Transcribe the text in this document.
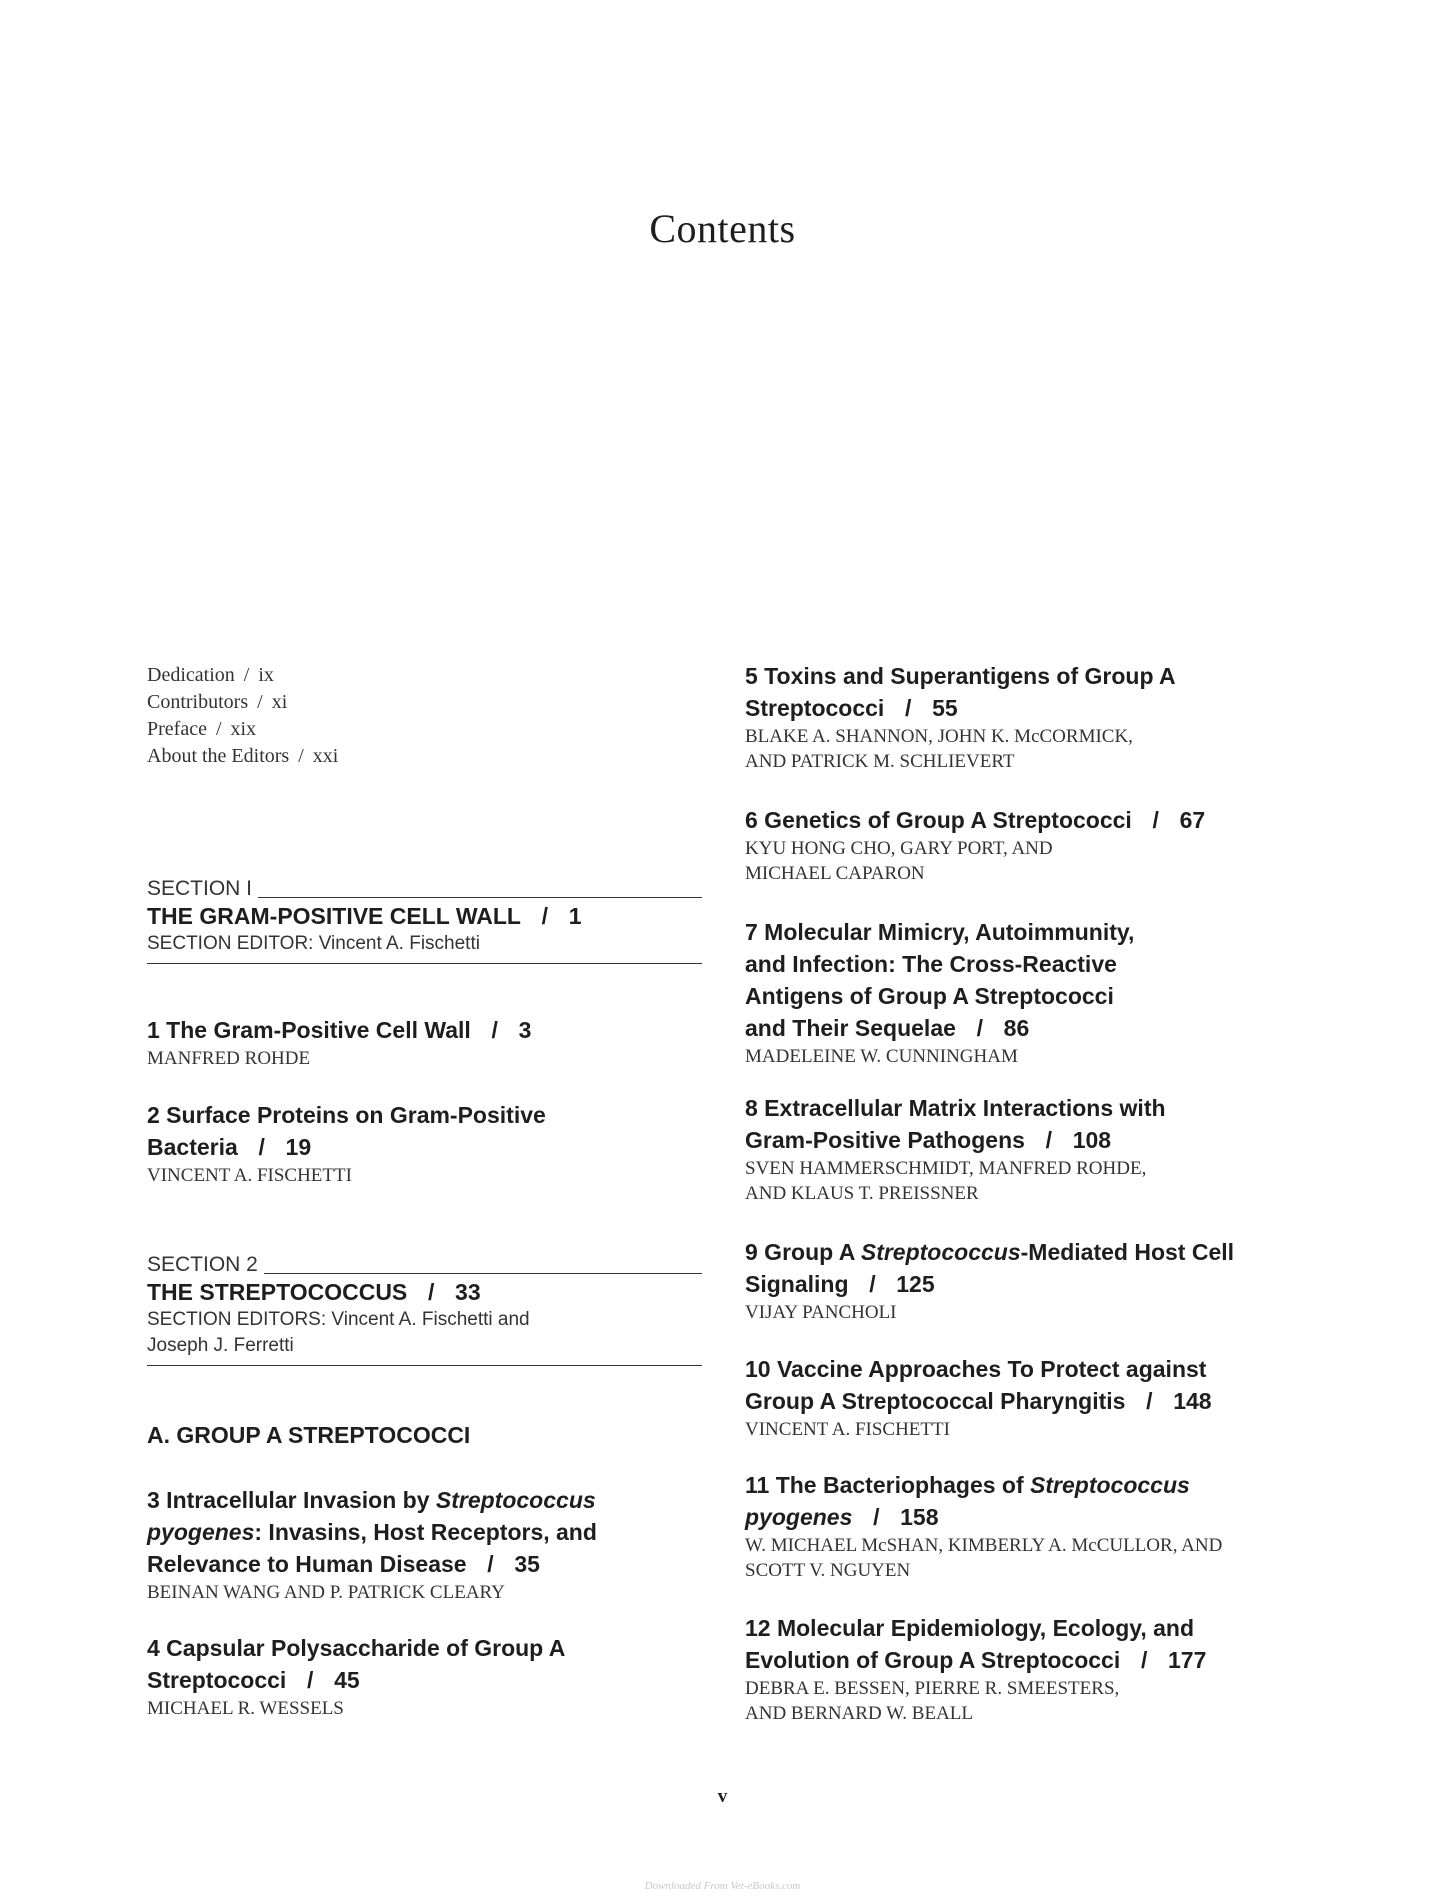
Contents
Dedication / ix
Contributors / xi
Preface / xix
About the Editors / xxi
SECTION I
THE GRAM-POSITIVE CELL WALL / 1
SECTION EDITOR: Vincent A. Fischetti
1 The Gram-Positive Cell Wall / 3
MANFRED ROHDE
2 Surface Proteins on Gram-Positive
Bacteria / 19
VINCENT A. FISCHETTI
SECTION 2
THE STREPTOCOCCUS / 33
SECTION EDITORS: Vincent A. Fischetti and
Joseph J. Ferretti
A. GROUP A STREPTOCOCCI
3 Intracellular Invasion by Streptococcus
pyogenes: Invasins, Host Receptors, and
Relevance to Human Disease / 35
BEINAN WANG AND P. PATRICK CLEARY
4 Capsular Polysaccharide of Group A
Streptococci / 45
MICHAEL R. WESSELS
5 Toxins and Superantigens of Group A
Streptococci / 55
BLAKE A. SHANNON, JOHN K. McCORMICK,
AND PATRICK M. SCHLIEVERT
6 Genetics of Group A Streptococci / 67
KYU HONG CHO, GARY PORT, AND
MICHAEL CAPARON
7 Molecular Mimicry, Autoimmunity,
and Infection: The Cross-Reactive
Antigens of Group A Streptococci
and Their Sequelae / 86
MADELEINE W. CUNNINGHAM
8 Extracellular Matrix Interactions with
Gram-Positive Pathogens / 108
SVEN HAMMERSCHMIDT, MANFRED ROHDE,
AND KLAUS T. PREISSNER
9 Group A Streptococcus-Mediated Host Cell
Signaling / 125
VIJAY PANCHOLI
10 Vaccine Approaches To Protect against
Group A Streptococcal Pharyngitis / 148
VINCENT A. FISCHETTI
11 The Bacteriophages of Streptococcus
pyogenes / 158
W. MICHAEL McSHAN, KIMBERLY A. McCULLOR, AND
SCOTT V. NGUYEN
12 Molecular Epidemiology, Ecology, and
Evolution of Group A Streptococci / 177
DEBRA E. BESSEN, PIERRE R. SMEESTERS,
AND BERNARD W. BEALL
v
Downloaded From Vet-eBooks.com
